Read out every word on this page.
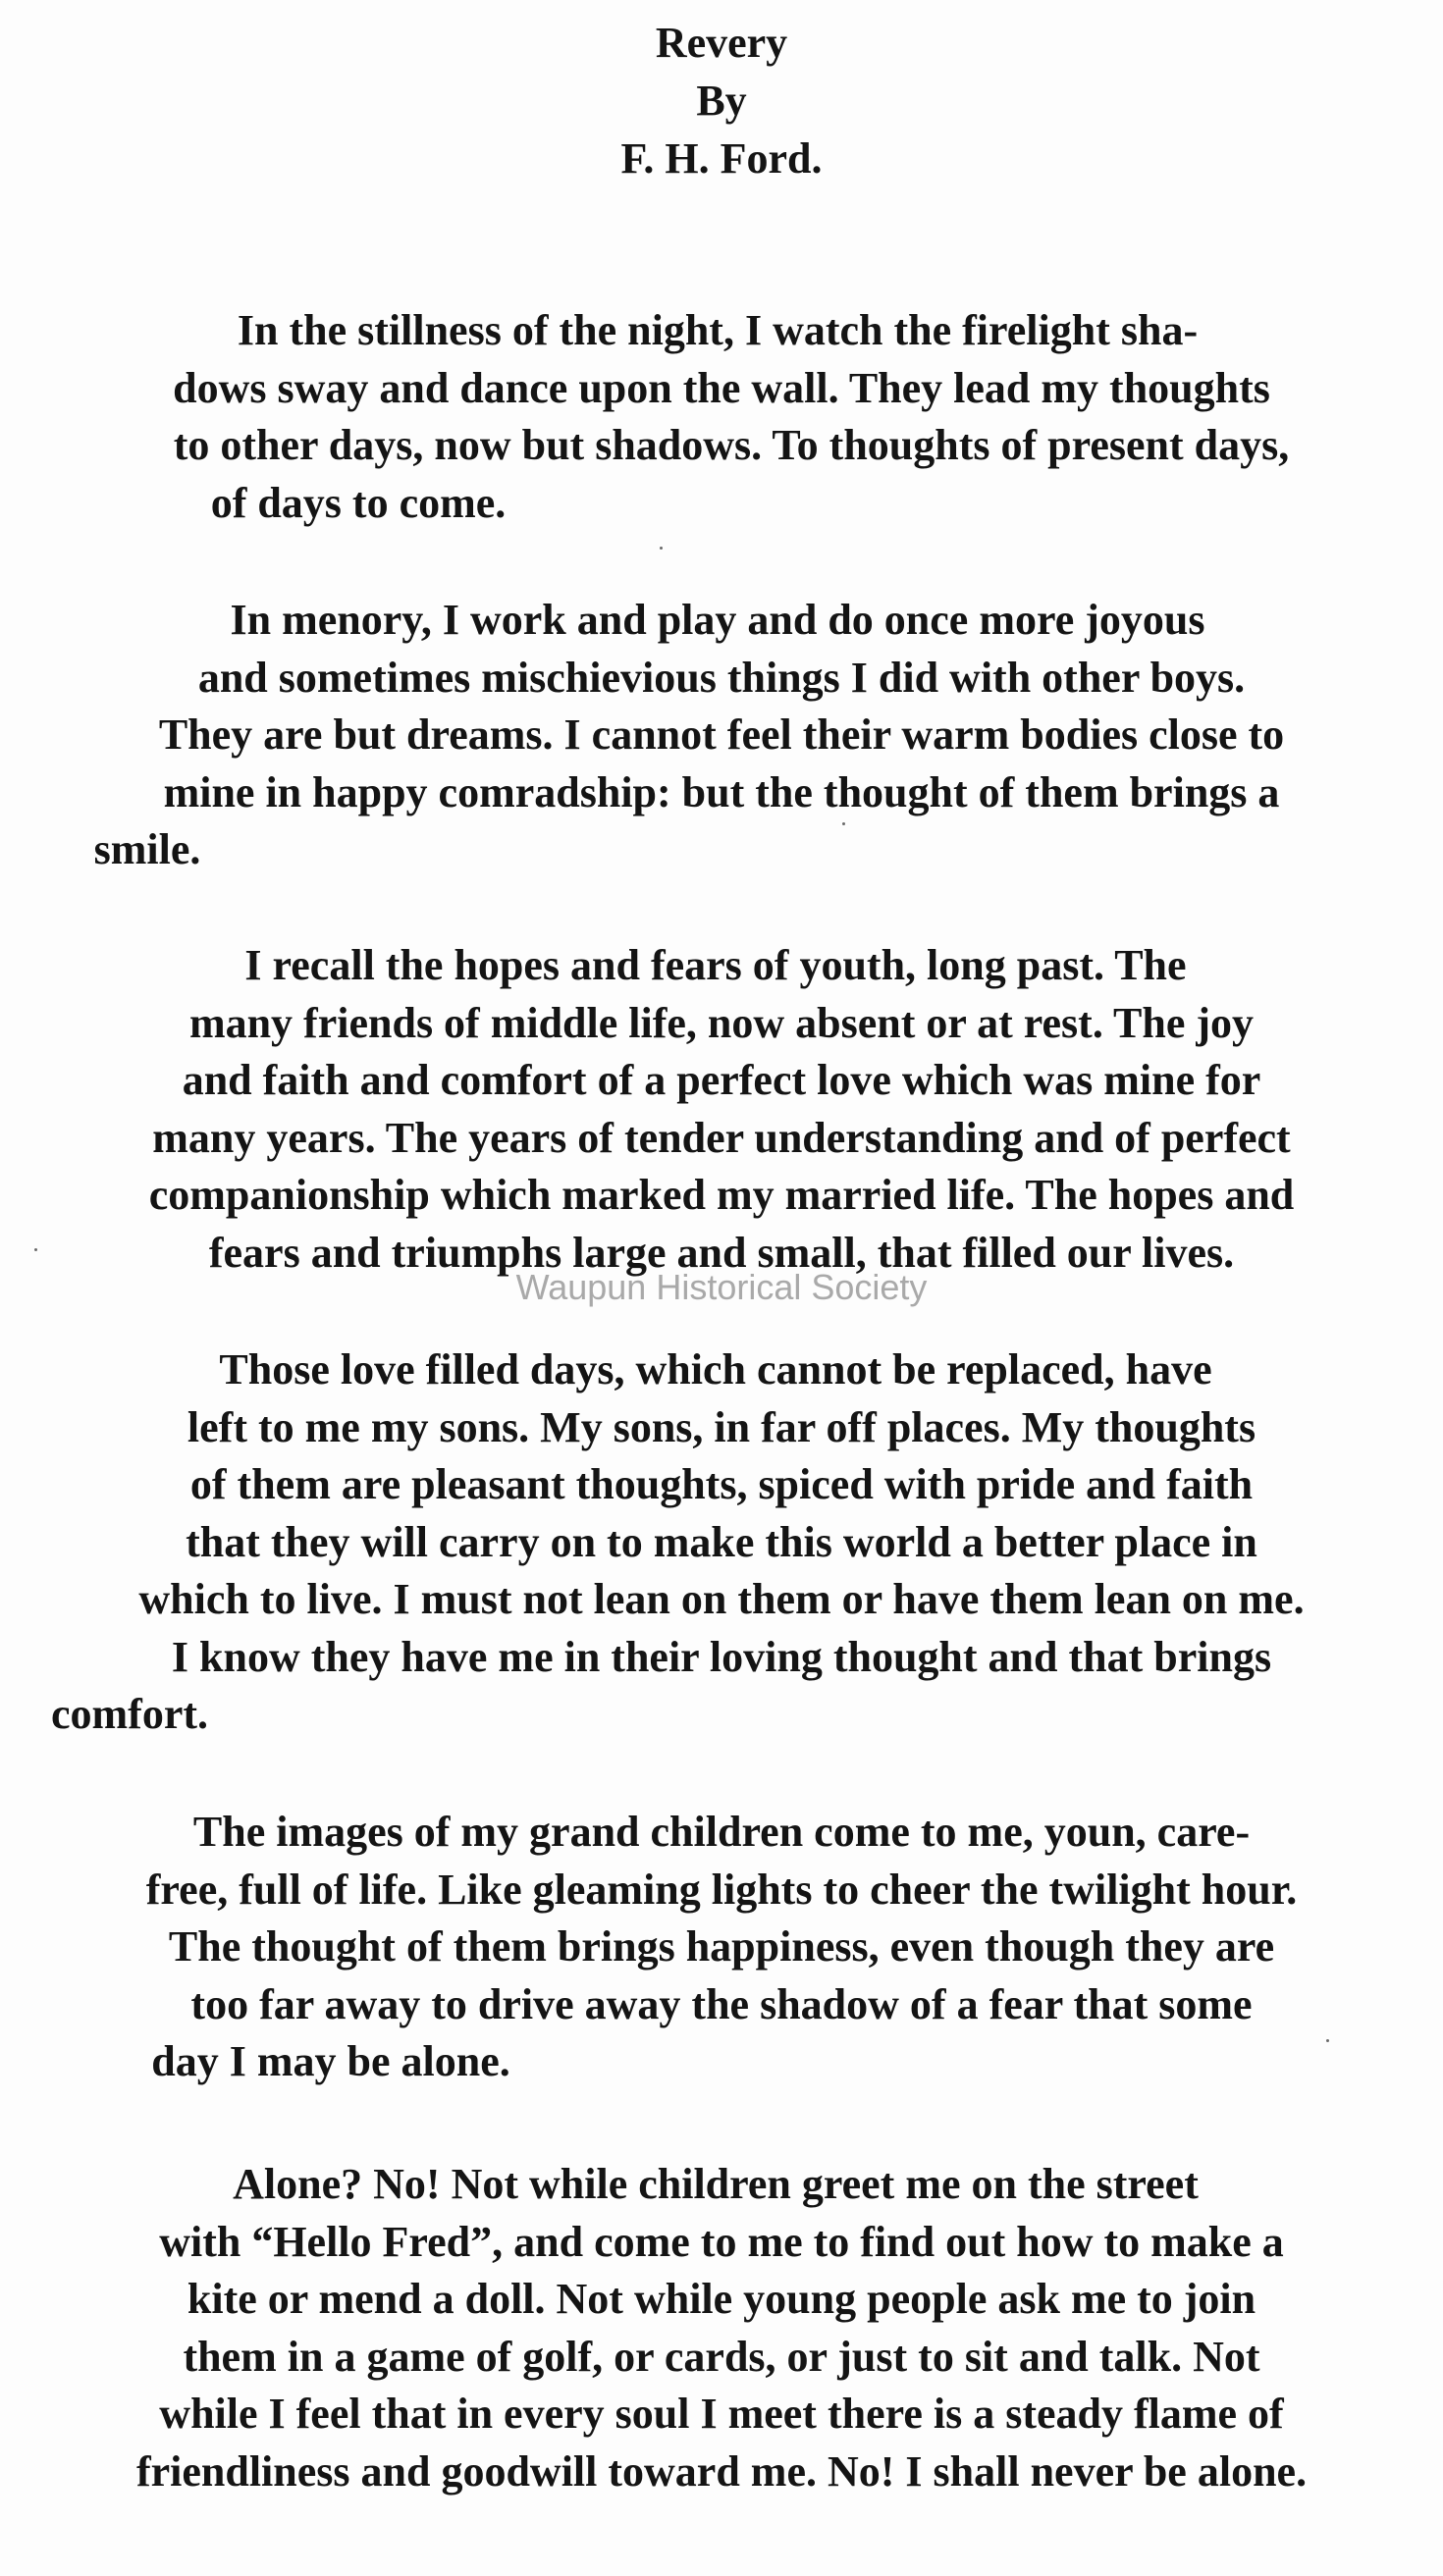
Revery
By
F. H. Ford.

In the stillness of the night, I watch the firelight sha-
dows sway and dance upon the wall. They lead my thoughts
to other days, now but shadows. To thoughts of present days,
of days to come.

In menory, I work and play and do once more joyous
and sometimes mischievious things I did with other boys.
They are but dreams. I cannot feel their warm bodies close to
mine in happy comradship: but the thought of them brings a
smile.

I recall the hopes and fears of youth, long past. The
many friends of middle life, now absent or at rest. The joy
and faith and comfort of a perfect love which was mine for
many years. The years of tender understanding and of perfect
companionship which marked my married life. The hopes and
fears and triumphs large and small, that filled our lives.

Those love filled days, which cannot be replaced, have
left to me my sons. My sons, in far off places. My thoughts
of them are pleasant thoughts, spiced with pride and faith
that they will carry on to make this world a better place in
which to live. I must not lean on them or have them lean on me.
I know they have me in their loving thought and that brings
comfort.

The images of my grand children come to me, youn, care-
free, full of life. Like gleaming lights to cheer the twilight hour.
The thought of them brings happiness, even though they are
too far away to drive away the shadow of a fear that some
day I may be alone.

Alone? No! Not while children greet me on the street
with “Hello Fred”, and come to me to find out how to make a
kite or mend a doll. Not while young people ask me to join
them in a game of golf, or cards, or just to sit and talk. Not
while I feel that in every soul I meet there is a steady flame of
friendliness and goodwill toward me. No! I shall never be alone.

Waupun Historical Society
